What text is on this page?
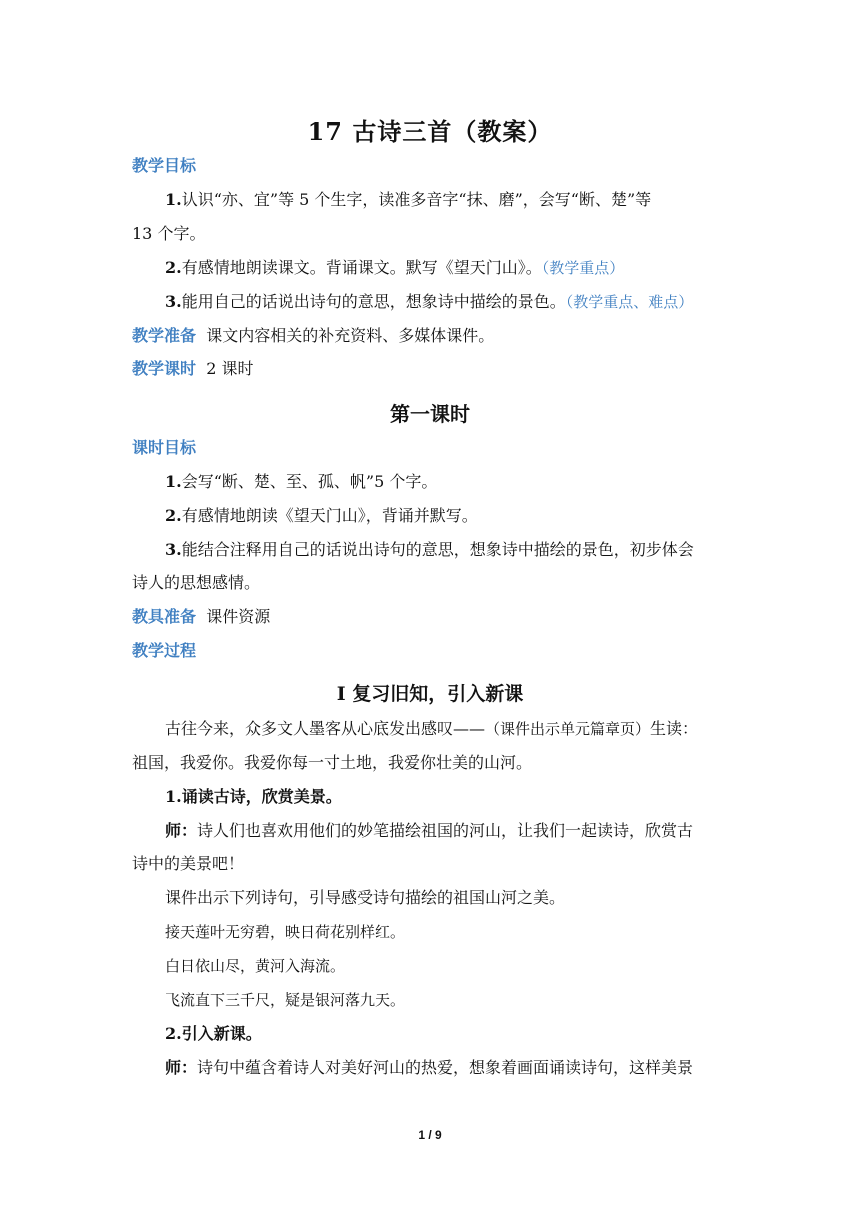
17 古诗三首（教案）
教学目标
1.认识“亦、宜”等 5 个生字，读准多音字“抹、磨”，会写“断、楚”等
13 个字。
2.有感情地朗读课文。背诵课文。默写《望天门山》。（教学重点）
3.能用自己的话说出诗句的意思，想象诗中描绘的景色。（教学重点、难点）
教学准备 课文内容相关的补充资料、多媒体课件。
教学课时 2 课时
第一课时
课时目标
1.会写“断、楚、至、孤、帆”5 个字。
2.有感情地朗读《望天门山》，背诵并默写。
3.能结合注释用自己的话说出诗句的意思，想象诗中描绘的景色，初步体会
诗人的思想感情。
教具准备 课件资源
教学过程
Ⅰ 复习旧知，引入新课
古往今来，众多文人墨客从心底发出感叹——（课件出示单元篇章页）生读：
祖国，我爱你。我爱你每一寸土地，我爱你壮美的山河。
1.诵读古诗，欣赏美景。
师：诗人们也喜欢用他们的妙笔描绘祖国的河山，让我们一起读诗，欣赏古
诗中的美景吧！
课件出示下列诗句，引导感受诗句描绘的祖国山河之美。
接天莲叶无穷碧，映日荷花别样红。
白日依山尽，黄河入海流。
飞流直下三千尺，疑是银河落九天。
2.引入新课。
师：诗句中蕴含着诗人对美好河山的热爱，想象着画面诵读诗句，这样美景
1 / 9
